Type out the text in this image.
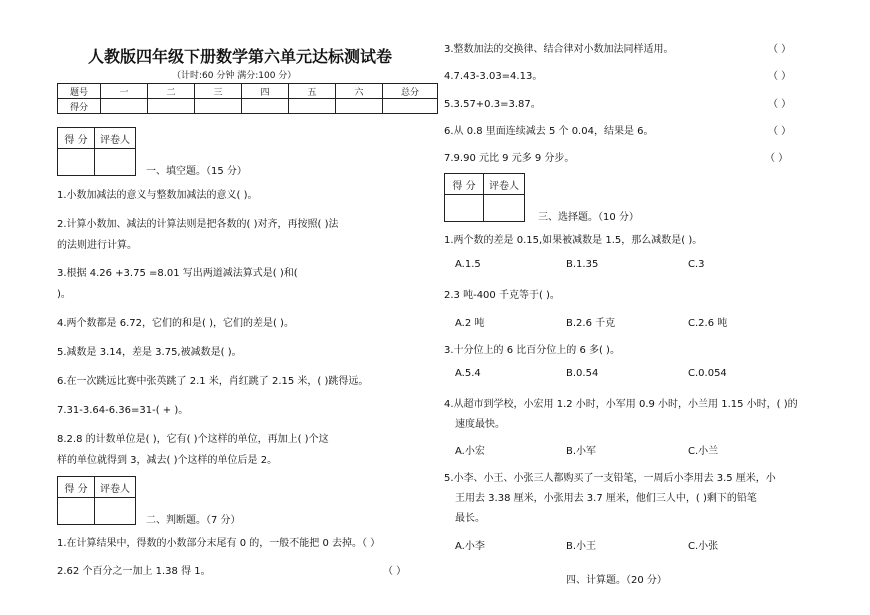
人教版四年级下册数学第六单元达标测试卷
（计时:60 分钟 满分:100 分）
题号	一	二	三	四	五	六	总分
得分							
得 分	评卷人

一、填空题。（15 分）
1.小数加减法的意义与整数加减法的意义( )。
2.计算小数加、减法的计算法则是把各数的( )对齐，再按照( )法
的法则进行计算。
3.根据 4.26 +3.75 =8.01 写出两道减法算式是( )和(
)。
4.两个数都是 6.72，它们的和是( )，它们的差是( )。
5.减数是 3.14，差是 3.75,被减数是( )。
6.在一次跳远比赛中张英跳了 2.1 米，肖红跳了 2.15 米，( )跳得远。
7.31-3.64-6.36=31-( + )。
8.2.8 的计数单位是( )，它有( )个这样的单位，再加上( )个这
样的单位就得到 3，减去( )个这样的单位后是 2。
得 分	评卷人

二、判断题。（7 分）
1.在计算结果中，得数的小数部分末尾有 0 的，一般不能把 0 去掉。（ ）
2.62 个百分之一加上 1.38 得 1。	（ ）
3.整数加法的交换律、结合律对小数加法同样适用。	（ ）
4.7.43-3.03=4.13。	（ ）
5.3.57+0.3=3.87。	（ ）
6.从 0.8 里面连续减去 5 个 0.04，结果是 6。	（ ）
7.9.90 元比 9 元多 9 分步。	（ ）
得 分	评卷人

三、选择题。（10 分）
1.两个数的差是 0.15,如果被减数是 1.5，那么减数是( )。
A.1.5	B.1.35	C.3
2.3 吨-400 千克等于( )。
A.2 吨	B.2.6 千克	C.2.6 吨
3.十分位上的 6 比百分位上的 6 多( )。
A.5.4	B.0.54	C.0.054
4.从超市到学校，小宏用 1.2 小时，小军用 0.9 小时，小兰用 1.15 小时，( )的
速度最快。
A.小宏	B.小军	C.小兰
5.小李、小王、小张三人都购买了一支铅笔，一周后小李用去 3.5 厘米，小
王用去 3.38 厘米，小张用去 3.7 厘米，他们三人中，( )剩下的铅笔
最长。
A.小李	B.小王	C.小张
四、计算题。（20 分）
